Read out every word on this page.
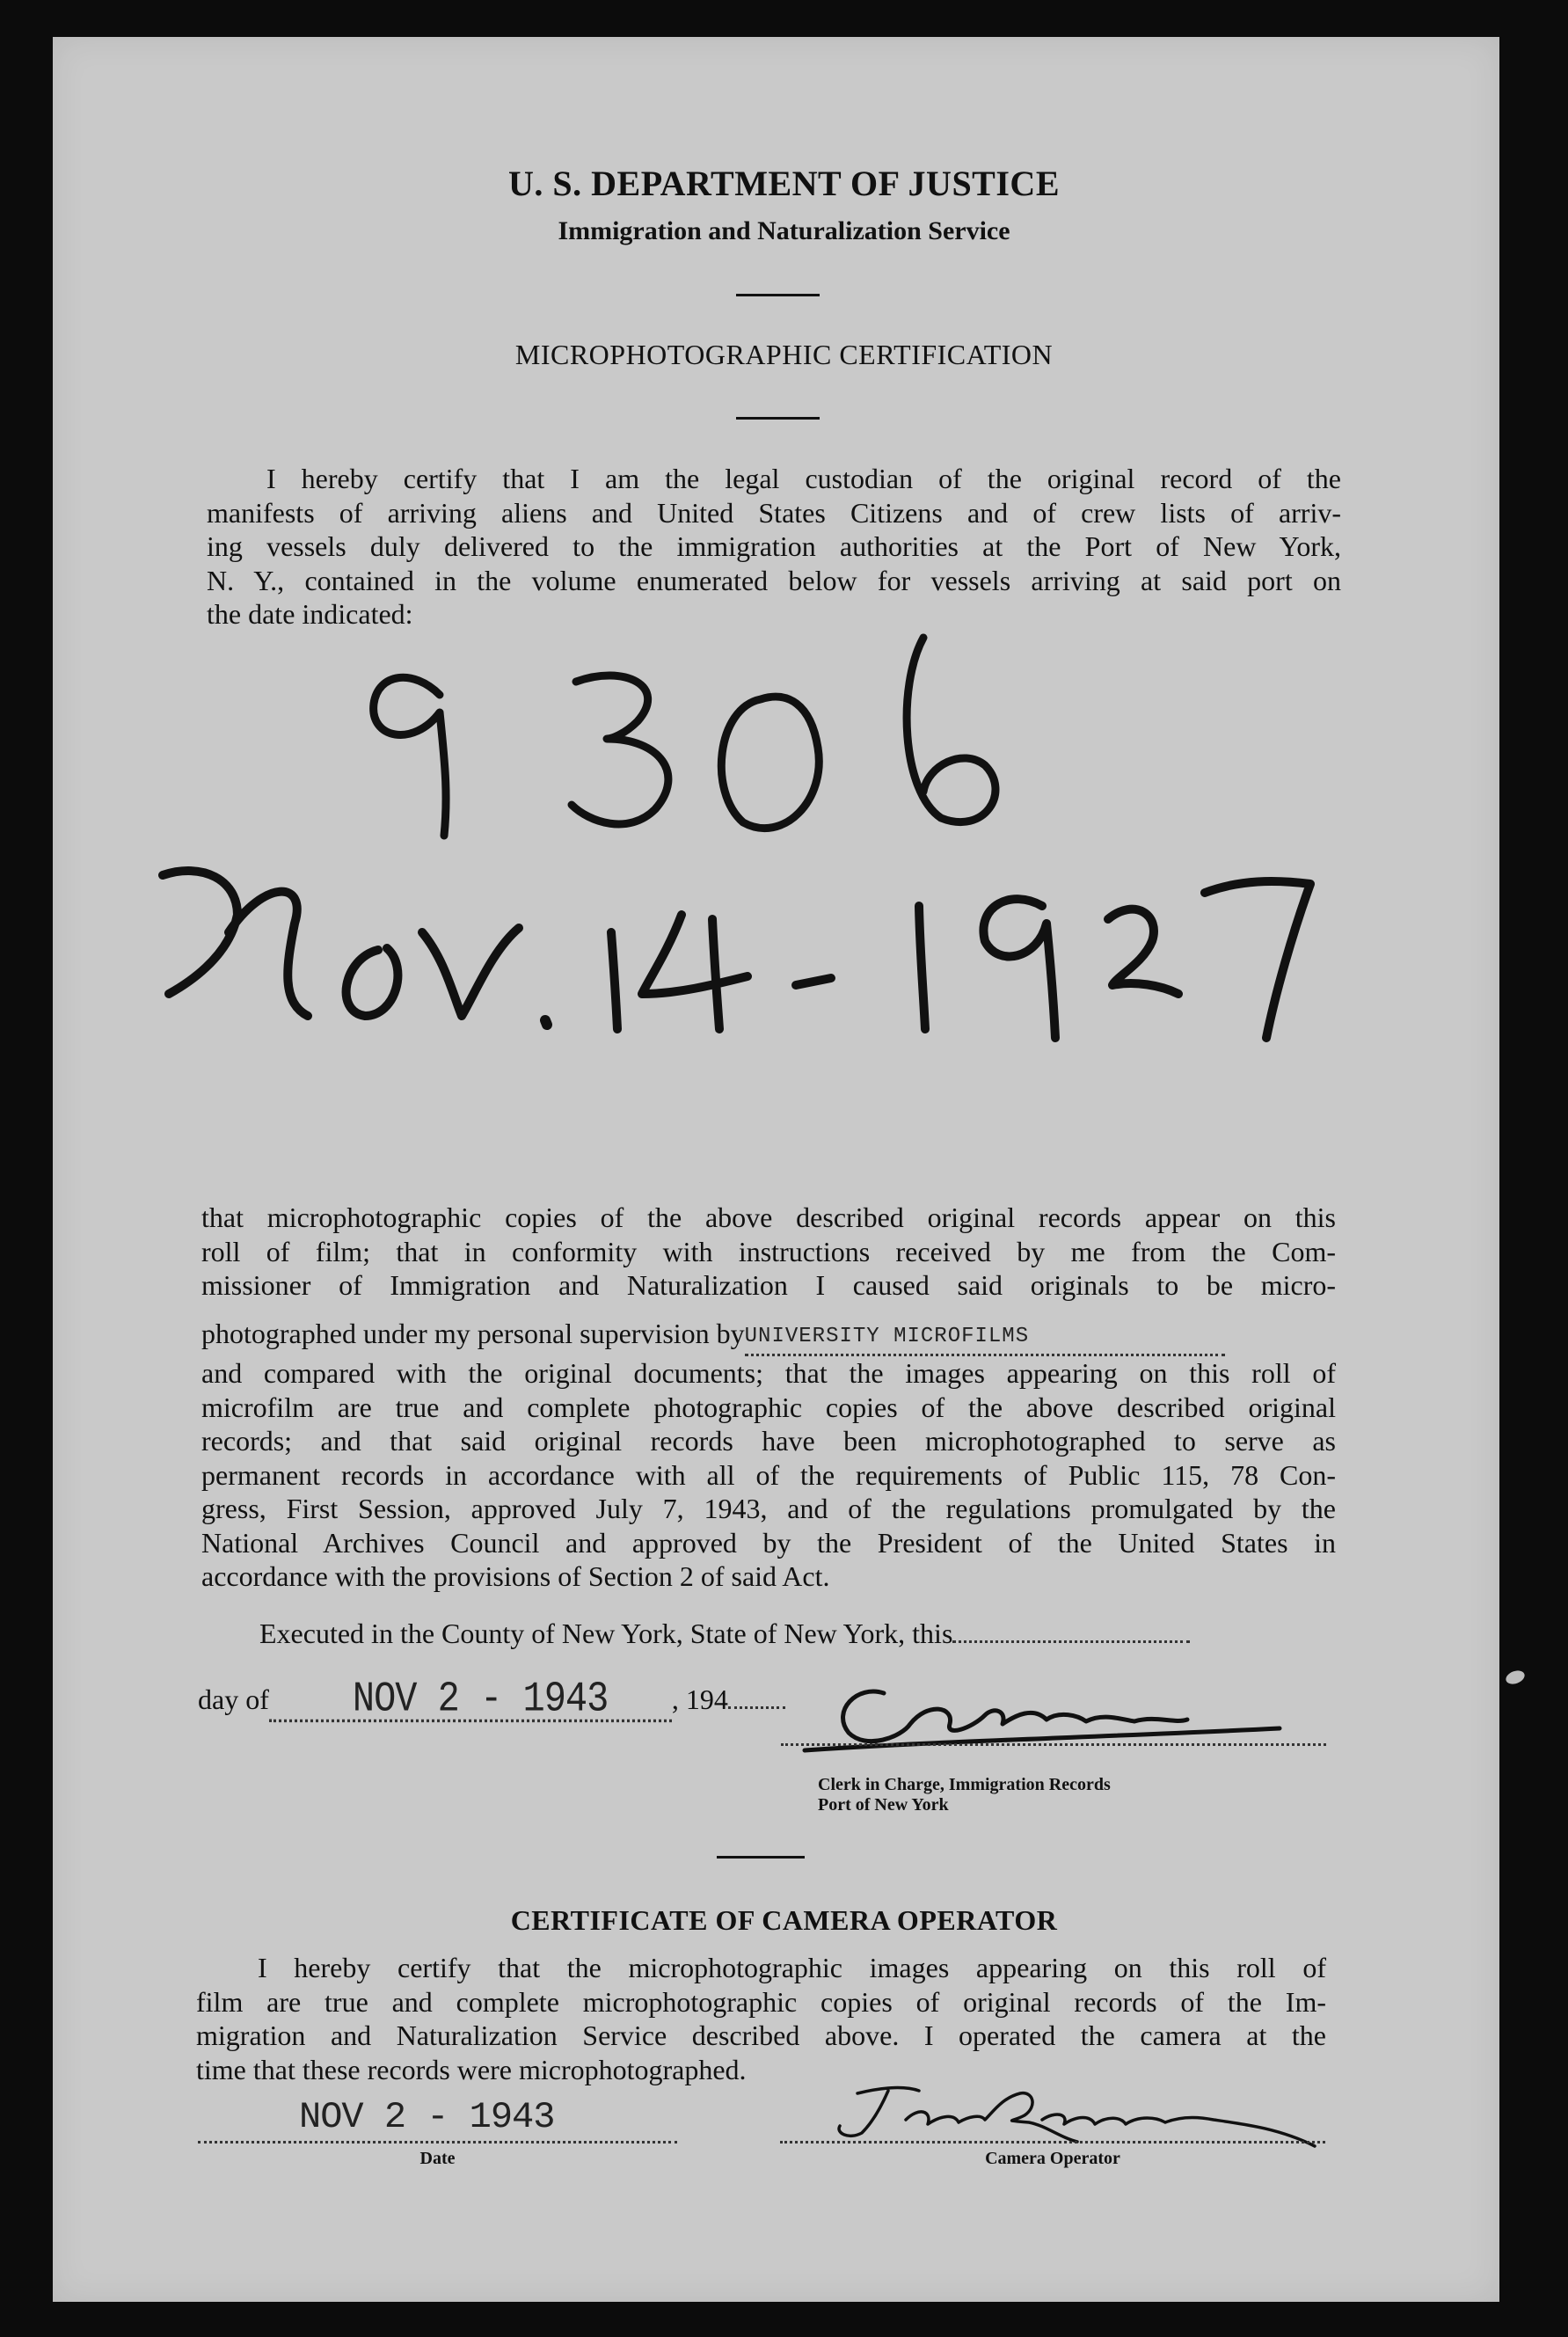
U. S. DEPARTMENT OF JUSTICE
Immigration and Naturalization Service
MICROPHOTOGRAPHIC CERTIFICATION
I hereby certify that I am the legal custodian of the original record of the
manifests of arriving aliens and United States Citizens and of crew lists of arriv-
ing vessels duly delivered to the immigration authorities at the Port of New York,
N. Y., contained in the volume enumerated below for vessels arriving at said port on
the date indicated:
that microphotographic copies of the above described original records appear on this
roll of film; that in conformity with instructions received by me from the Com-
missioner of Immigration and Naturalization I caused said originals to be micro-
photographed under my personal supervision byUNIVERSITY MICROFILMS
and compared with the original documents; that the images appearing on this roll of
microfilm are true and complete photographic copies of the above described original
records; and that said original records have been microphotographed to serve as
permanent records in accordance with all of the requirements of Public 115, 78 Con-
gress, First Session, approved July 7, 1943, and of the regulations promulgated by the
National Archives Council and approved by the President of the United States in
accordance with the provisions of Section 2 of said Act.
Executed in the County of New York, State of New York, this
day of NOV 2 - 1943 , 194
Clerk in Charge, Immigration Records
Port of New York
CERTIFICATE OF CAMERA OPERATOR
I hereby certify that the microphotographic images appearing on this roll of
film are true and complete microphotographic copies of original records of the Im-
migration and Naturalization Service described above. I operated the camera at the
time that these records were microphotographed.
NOV 2 - 1943
Date	Camera Operator
